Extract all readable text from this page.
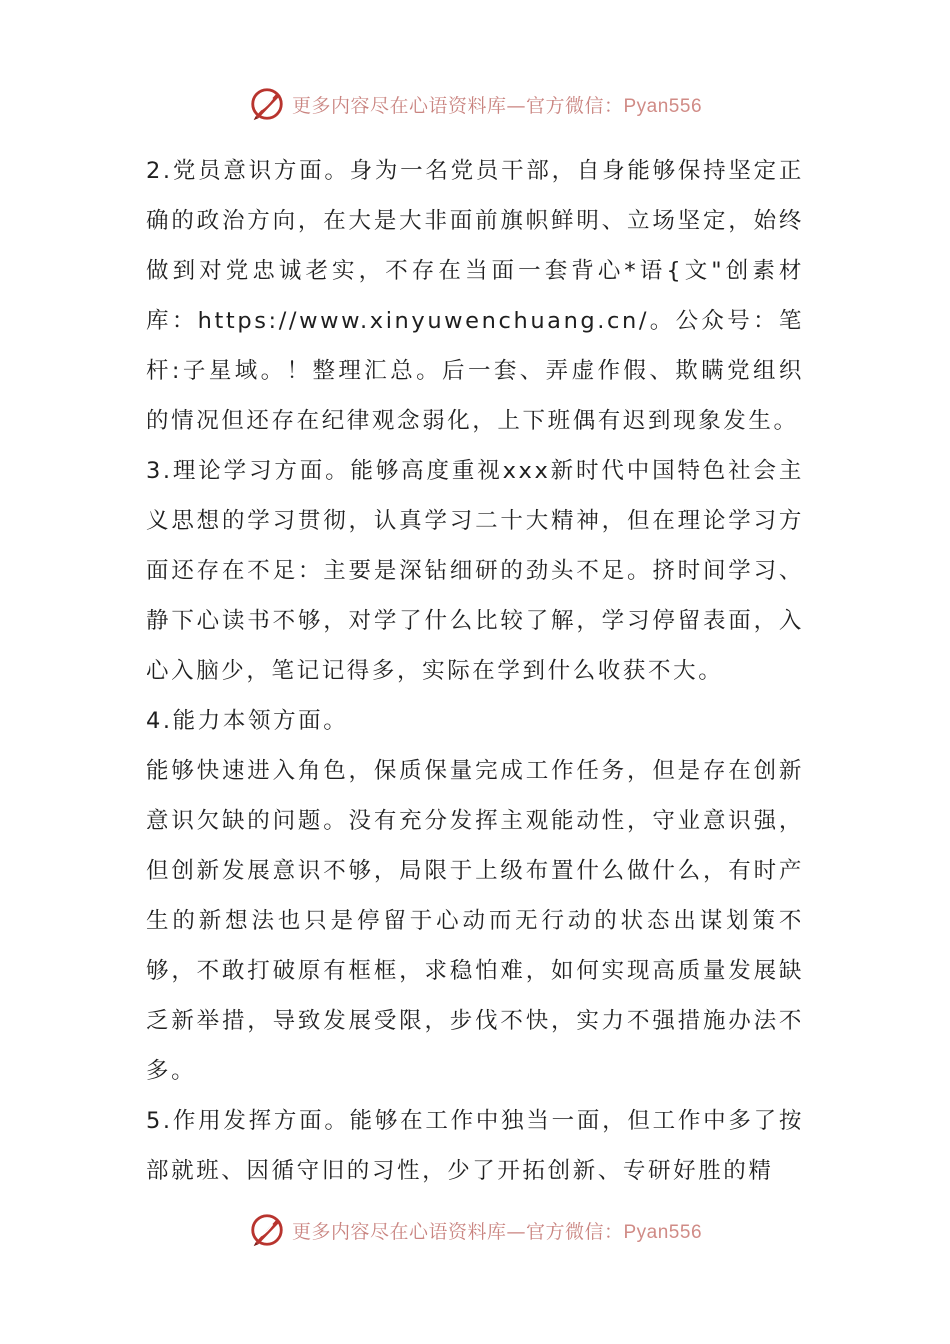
更多内容尽在心语资料库—官方微信：Pyan556

2.党员意识方面。身为一名党员干部，自身能够保持坚定正确的政治方向，在大是大非面前旗帜鲜明、立场坚定，始终做到对党忠诚老实，不存在当面一套背心*语{文"创素材库：https://www.xinyuwenchuang.cn/。公众号：笔杆:子星域。！整理汇总。后一套、弄虚作假、欺瞒党组织的情况但还存在纪律观念弱化，上下班偶有迟到现象发生。

3.理论学习方面。能够高度重视xxx新时代中国特色社会主义思想的学习贯彻，认真学习二十大精神，但在理论学习方面还存在不足：主要是深钻细研的劲头不足。挤时间学习、静下心读书不够，对学了什么比较了解，学习停留表面，入心入脑少，笔记记得多，实际在学到什么收获不大。

4.能力本领方面。

能够快速进入角色，保质保量完成工作任务，但是存在创新意识欠缺的问题。没有充分发挥主观能动性，守业意识强，但创新发展意识不够，局限于上级布置什么做什么，有时产生的新想法也只是停留于心动而无行动的状态出谋划策不够，不敢打破原有框框，求稳怕难，如何实现高质量发展缺乏新举措，导致发展受限，步伐不快，实力不强措施办法不多。

5.作用发挥方面。能够在工作中独当一面，但工作中多了按部就班、因循守旧的习性，少了开拓创新、专研好胜的精

更多内容尽在心语资料库—官方微信：Pyan556
